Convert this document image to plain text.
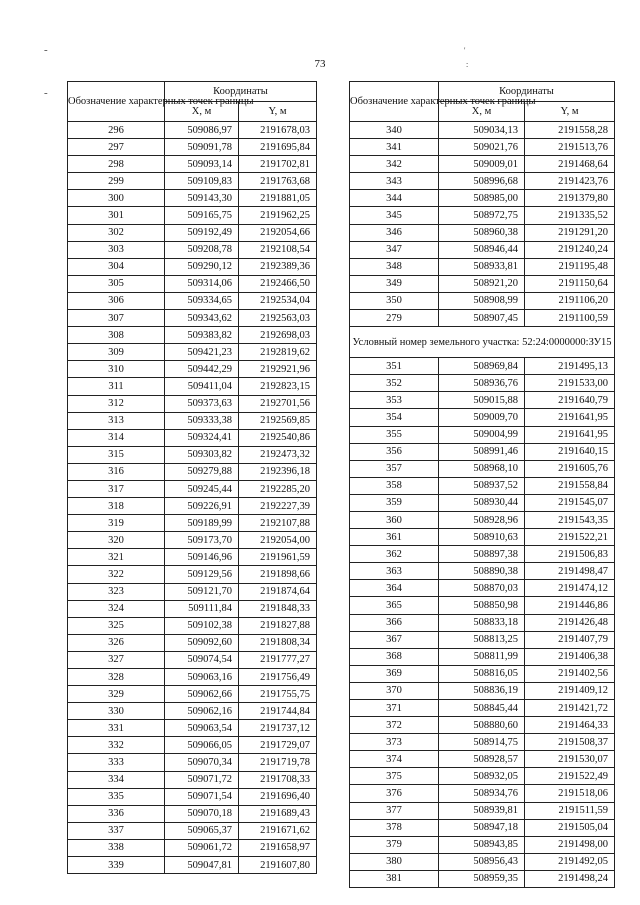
73
-
-
'
:
Обозначение характерных точек границы	Координаты	
	X, м	Y, м
296	509086,97	2191678,03
297	509091,78	2191695,84
298	509093,14	2191702,81
299	509109,83	2191763,68
300	509143,30	2191881,05
301	509165,75	2191962,25
302	509192,49	2192054,66
303	509208,78	2192108,54
304	509290,12	2192389,36
305	509314,06	2192466,50
306	509334,65	2192534,04
307	509343,62	2192563,03
308	509383,82	2192698,03
309	509421,23	2192819,62
310	509442,29	2192921,96
311	509411,04	2192823,15
312	509373,63	2192701,56
313	509333,38	2192569,85
314	509324,41	2192540,86
315	509303,82	2192473,32
316	509279,88	2192396,18
317	509245,44	2192285,20
318	509226,91	2192227,39
319	509189,99	2192107,88
320	509173,70	2192054,00
321	509146,96	2191961,59
322	509129,56	2191898,66
323	509121,70	2191874,64
324	509111,84	2191848,33
325	509102,38	2191827,88
326	509092,60	2191808,34
327	509074,54	2191777,27
328	509063,16	2191756,49
329	509062,66	2191755,75
330	509062,16	2191744,84
331	509063,54	2191737,12
332	509066,05	2191729,07
333	509070,34	2191719,78
334	509071,72	2191708,33
335	509071,54	2191696,40
336	509070,18	2191689,43
337	509065,37	2191671,62
338	509061,72	2191658,97
339	509047,81	2191607,80
Обозначение характерных точек границы	Координаты	
	X, м	Y, м
340	509034,13	2191558,28
341	509021,76	2191513,76
342	509009,01	2191468,64
343	508996,68	2191423,76
344	508985,00	2191379,80
345	508972,75	2191335,52
346	508960,38	2191291,20
347	508946,44	2191240,24
348	508933,81	2191195,48
349	508921,20	2191150,64
350	508908,99	2191106,20
279	508907,45	2191100,59
Условный номер земельного участка: 52:24:0000000:ЗУ15		
351	508969,84	2191495,13
352	508936,76	2191533,00
353	509015,88	2191640,79
354	509009,70	2191641,95
355	509004,99	2191641,95
356	508991,46	2191640,15
357	508968,10	2191605,76
358	508937,52	2191558,84
359	508930,44	2191545,07
360	508928,96	2191543,35
361	508910,63	2191522,21
362	508897,38	2191506,83
363	508890,38	2191498,47
364	508870,03	2191474,12
365	508850,98	2191446,86
366	508833,18	2191426,48
367	508813,25	2191407,79
368	508811,99	2191406,38
369	508816,05	2191402,56
370	508836,19	2191409,12
371	508845,44	2191421,72
372	508880,60	2191464,33
373	508914,75	2191508,37
374	508928,57	2191530,07
375	508932,05	2191522,49
376	508934,76	2191518,06
377	508939,81	2191511,59
378	508947,18	2191505,04
379	508943,85	2191498,00
380	508956,43	2191492,05
381	508959,35	2191498,24
